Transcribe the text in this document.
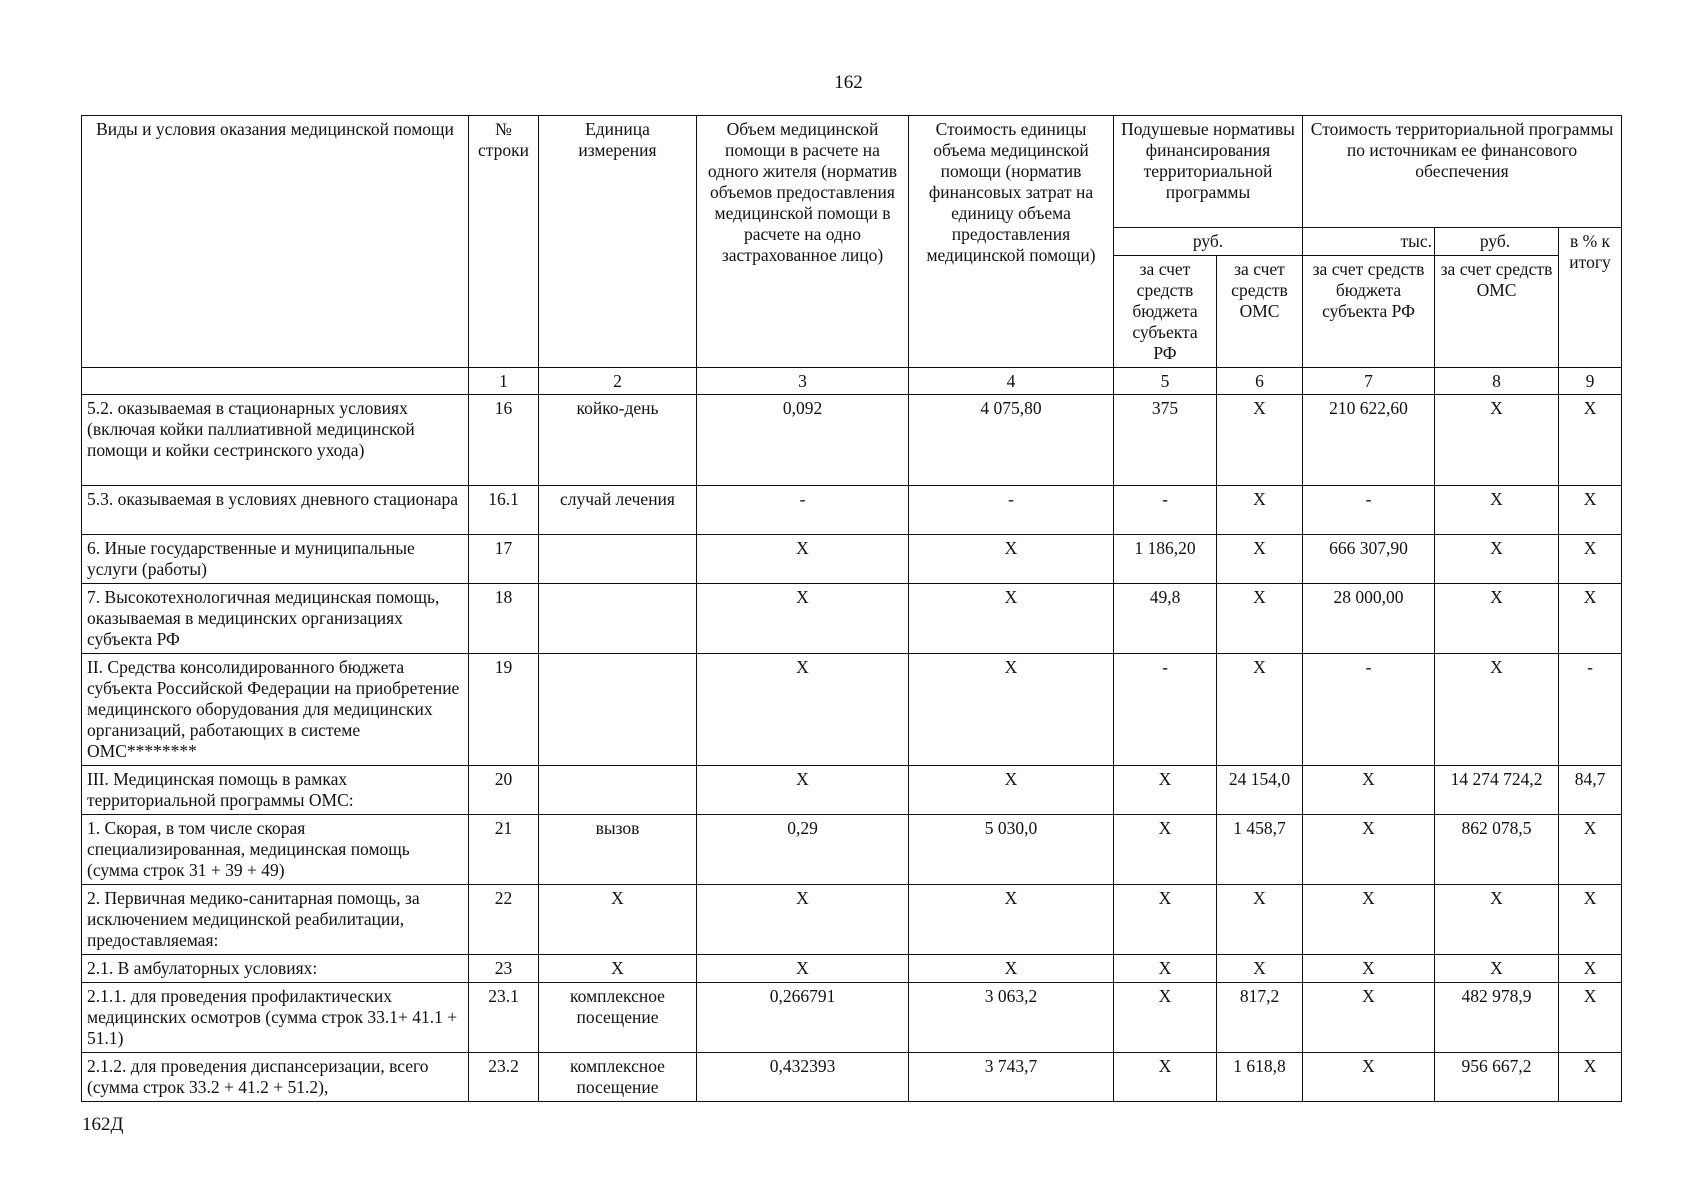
162
Виды и условия оказания медицинской помощи	№ строки	Единица измерения	Объем медицинской помощи в расчете на одного жителя (норматив объемов предоставления медицинской помощи в расчете на одно застрахованное лицо)	Стоимость единицы объема медицинской помощи (норматив финансовых затрат на единицу объема предоставления медицинской помощи)	Подушевые нормативы финансирования территориальной программы		Стоимость территориальной программы по источникам ее финансового обеспечения		
					руб.		тыс.	руб.	в % к итогу
					за счет средств бюджета субъекта РФ	за счет средств ОМС	за счет средств бюджета субъекта РФ	за счет средств ОМС	
	1	2	3	4	5	6	7	8	9
5.2. оказываемая в стационарных условиях (включая койки паллиативной медицинской помощи и койки сестринского ухода)	16	койко-день	0,092	4 075,80	375	Х	210 622,60	Х	Х
5.3. оказываемая в условиях дневного стационара	16.1	случай лечения	-	-	-	Х	-	Х	Х
6. Иные государственные и муниципальные услуги (работы)	17		Х	Х	1 186,20	Х	666 307,90	Х	Х
7. Высокотехнологичная медицинская помощь, оказываемая в медицинских организациях субъекта РФ	18		Х	Х	49,8	Х	28 000,00	Х	Х
II. Средства консолидированного бюджета субъекта Российской Федерации на приобретение медицинского оборудования для медицинских организаций, работающих в системе ОМС********	19		Х	Х	-	Х	-	Х	-
III. Медицинская помощь в рамках территориальной программы ОМС:	20		Х	Х	Х	24 154,0	Х	14 274 724,2	84,7
1. Скорая, в том числе скорая специализированная, медицинская помощь (сумма строк 31 + 39 + 49)	21	вызов	0,29	5 030,0	Х	1 458,7	Х	862 078,5	Х
2. Первичная медико-санитарная помощь, за исключением медицинской реабилитации, предоставляемая:	22	Х	Х	Х	Х	Х	Х	Х	Х
2.1. В амбулаторных условиях:	23	Х	Х	Х	Х	Х	Х	Х	Х
2.1.1. для проведения профилактических медицинских осмотров (сумма строк 33.1+ 41.1 + 51.1)	23.1	комплексное посещение	0,266791	3 063,2	Х	817,2	Х	482 978,9	Х
2.1.2. для проведения диспансеризации, всего (сумма строк 33.2 + 41.2 + 51.2),	23.2	комплексное посещение	0,432393	3 743,7	Х	1 618,8	Х	956 667,2	Х
162Д
